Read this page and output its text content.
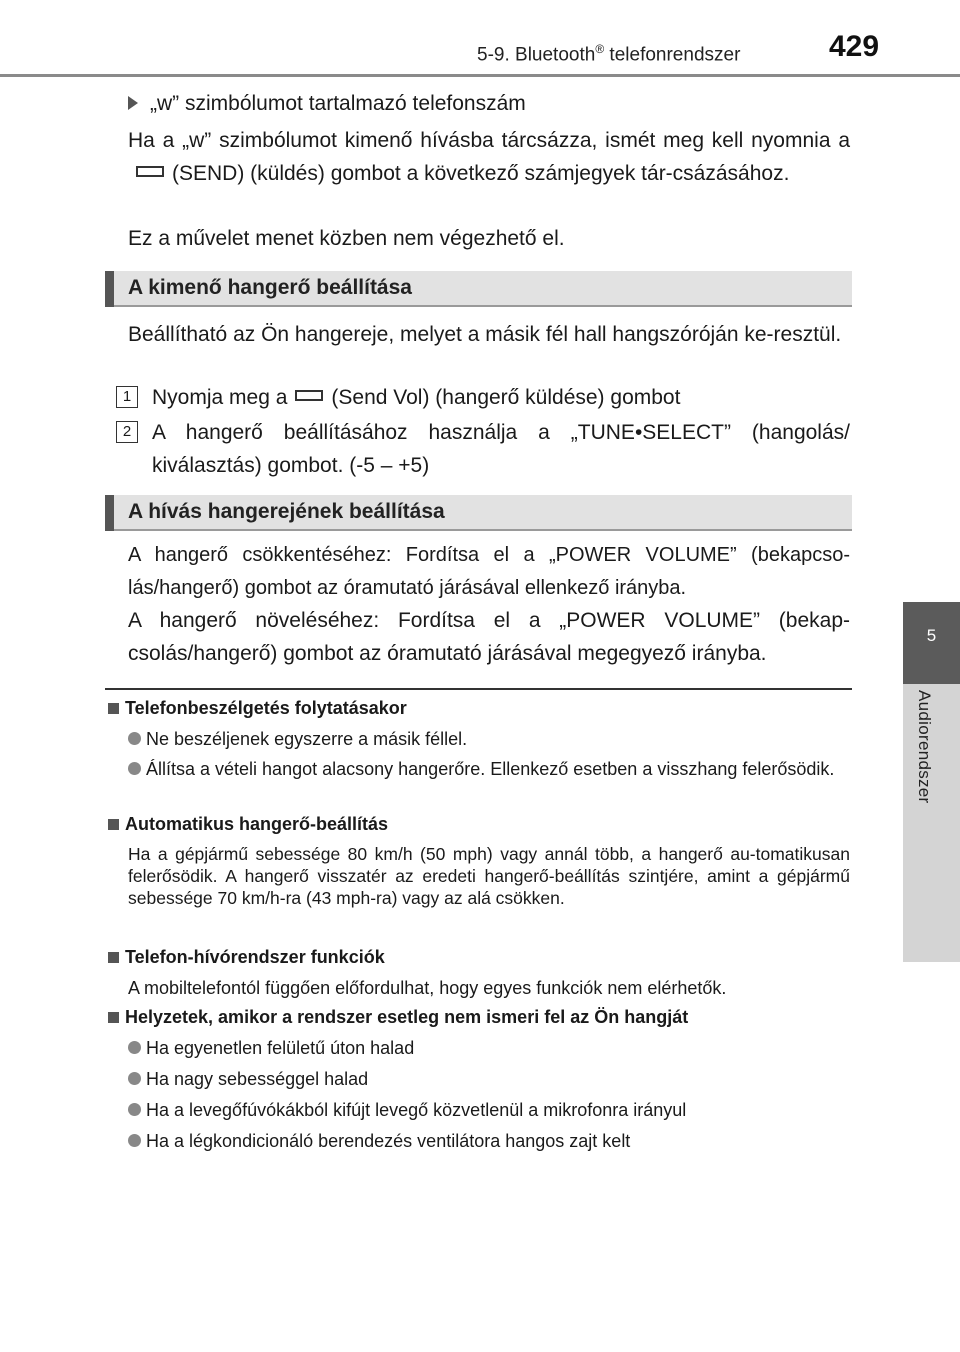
5-9. Bluetooth® telefonrendszer	429
5
Audiorendszer
„w” szimbólumot tartalmazó telefonszám
Ha a „w” szimbólumot kimenő hívásba tárcsázza, ismét meg kell nyomnia a(SEND) (küldés) gombot a következő számjegyek tár-csázásához.
Ez a művelet menet közben nem végezhető el.
A kimenő hangerő beállítása
Beállítható az Ön hangereje, melyet a másik fél hall hangszóróján ke-resztül.
1 Nyomja meg a (Send Vol) (hangerő küldése) gombot
2 A hangerő beállításához használja a „TUNE•SELECT” (hangolás/ kiválasztás) gombot. (-5 – +5)
A hívás hangerejének beállítása
A hangerő csökkentéséhez: Fordítsa el a „POWER VOLUME” (bekapcso-lás/hangerő) gombot az óramutató járásával ellenkező irányba.
A hangerő növeléséhez: Fordítsa el a „POWER VOLUME” (bekap-csolás/hangerő) gombot az óramutató járásával megegyező irányba.
Telefonbeszélgetés folytatásakor
Ne beszéljenek egyszerre a másik féllel.
Állítsa a vételi hangot alacsony hangerőre. Ellenkező esetben a visszhang felerősödik.
Automatikus hangerő-beállítás
Ha a gépjármű sebessége 80 km/h (50 mph) vagy annál több, a hangerő au-tomatikusan felerősödik. A hangerő visszatér az eredeti hangerő-beállítás szintjére, amint a gépjármű sebessége 70 km/h-ra (43 mph-ra) vagy az alá csökken.
Telefon-hívórendszer funkciók
A mobiltelefontól függően előfordulhat, hogy egyes funkciók nem elérhetők.
Helyzetek, amikor a rendszer esetleg nem ismeri fel az Ön hangját
Ha egyenetlen felületű úton halad
Ha nagy sebességgel halad
Ha a levegőfúvókákból kifújt levegő közvetlenül a mikrofonra irányul
Ha a légkondicionáló berendezés ventilátora hangos zajt kelt
